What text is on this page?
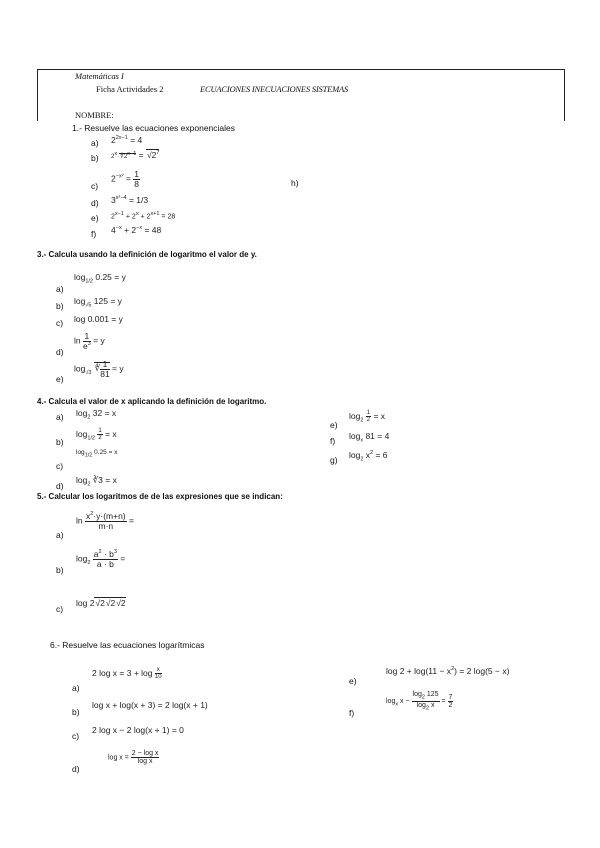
Matemáticas I
Ficha Actividades 2	ECUACIONES INECUACIONES SISTEMAS
NOMBRE:
1.- Resuelve las ecuaciones exponenciales
a) $2^{2x-1} = 4$
b) $2^x\cdot∜2^{x-1} = √2^7$
c)
$2^{-x^2} = \frac{1}{8}$	h)
d) $3^{x^2-4} = 1/3$
e) $2^{x-1} + 2^x + 2^{x+1} = 28$
f) $4^{-x} + 2^{-x} = 48$
3.- Calcula usando la definición de logaritmo el valor de y.
a)
$\log_{1/2} 0.25 = y$
b) $\log_{√5} 125 = y$
c) log 0.001 = y
d)
$\ln \frac{1}{e^3} = y$
e)
$\log_{√3}$ ∜ $\frac{1}{81} = y$
4.- Calcula el valor de x aplicando la definición de logaritmo.
a) $\log_2 32 = x$
b)
$\log_{1/2} \frac{1}{2} = x$
c)
$\log_{1/2} 0.25 = x$
d)
$\log_2$ ∛3 = x
e)
$\log_2 \frac{1}{2} = x$
f) $\log_x 81 = 4$
g) $\log_2 x^2 = 6$
5.- Calcular los logaritmos de de las expresiones que se indican:
a)
$\ln \frac{x^2\cdot y\cdot(m+n)}{m\cdot n}$ =
b)
$\log_2 \frac{a^2 \cdot b^3}{a \cdot b}$ =
c)
log 2√2√2√2
6.- Resuelve las ecuaciones logarítmicas
a)
2 $\log x = 3 + \log \frac{x}{10}$
b)
log x + log(x + 3) = 2 log(x + 1)
c)
2 log x − 2 log(x + 1) = 0
d)
$\log x = \frac{\text{2 − log x}}{\text{log x}}$
e)
$\log 2 + \log(11 - x^2) = 2$ log(5 − x)
f)
$\log_x x - \frac{\log_2 125}{\log_2 x} = \frac{7}{2}$
